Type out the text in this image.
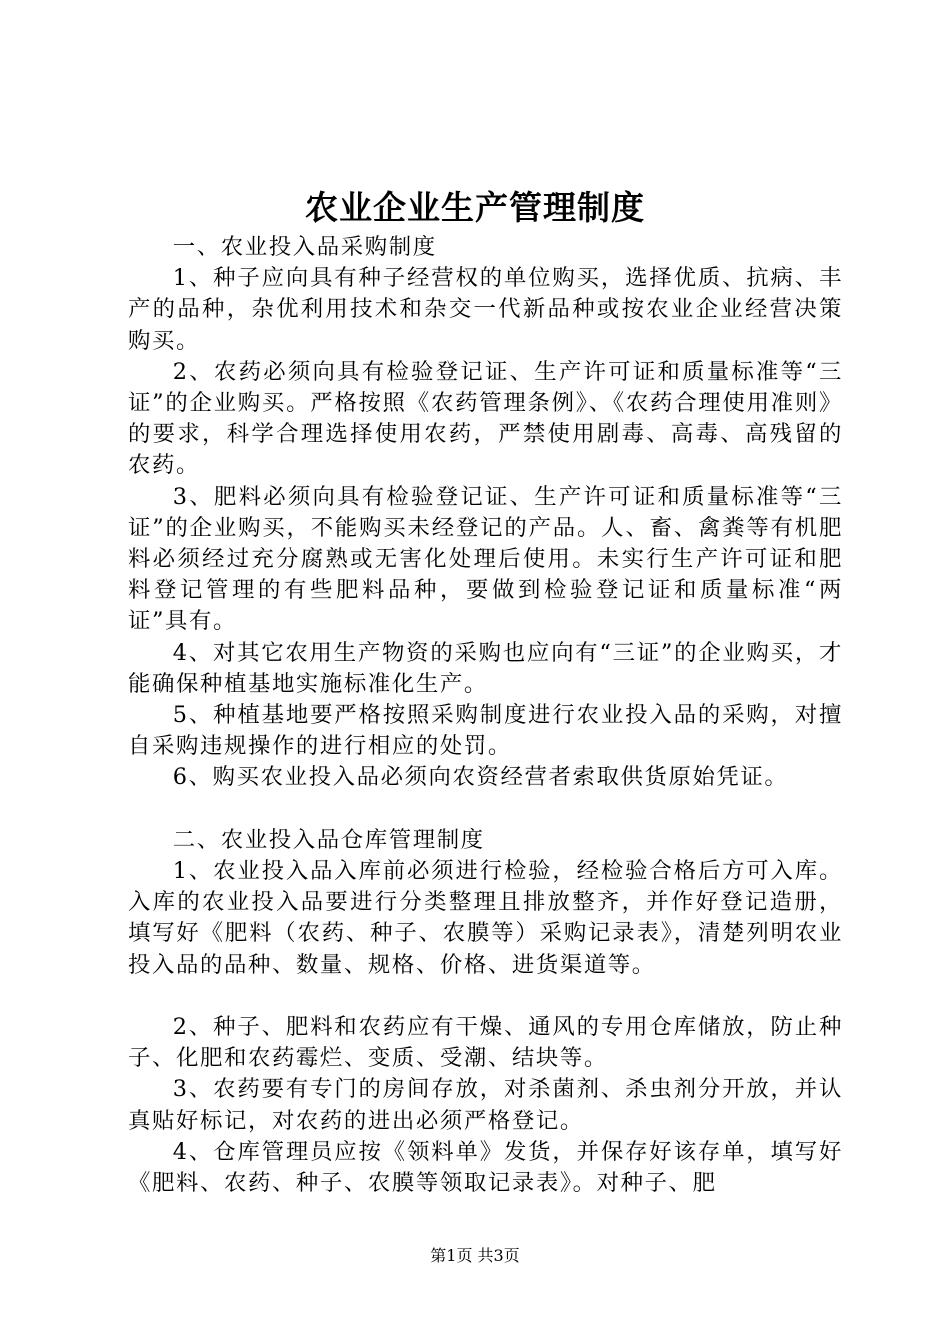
农业企业生产管理制度

一、农业投入品采购制度

1、种子应向具有种子经营权的单位购买，选择优质、抗病、丰产的品种，杂优利用技术和杂交一代新品种或按农业企业经营决策购买。

2、农药必须向具有检验登记证、生产许可证和质量标准等“三证”的企业购买。严格按照《农药管理条例》、《农药合理使用准则》的要求，科学合理选择使用农药，严禁使用剧毒、高毒、高残留的农药。

3、肥料必须向具有检验登记证、生产许可证和质量标准等“三证”的企业购买，不能购买未经登记的产品。人、畜、禽粪等有机肥料必须经过充分腐熟或无害化处理后使用。未实行生产许可证和肥料登记管理的有些肥料品种，要做到检验登记证和质量标准“两证”具有。

4、对其它农用生产物资的采购也应向有“三证”的企业购买，才能确保种植基地实施标准化生产。

5、种植基地要严格按照采购制度进行农业投入品的采购，对擅自采购违规操作的进行相应的处罚。

6、购买农业投入品必须向农资经营者索取供货原始凭证。

二、农业投入品仓库管理制度

1、农业投入品入库前必须进行检验，经检验合格后方可入库。入库的农业投入品要进行分类整理且排放整齐，并作好登记造册，填写好《肥料（农药、种子、农膜等）采购记录表》，清楚列明农业投入品的品种、数量、规格、价格、进货渠道等。

2、种子、肥料和农药应有干燥、通风的专用仓库储放，防止种子、化肥和农药霉烂、变质、受潮、结块等。

3、农药要有专门的房间存放，对杀菌剂、杀虫剂分开放，并认真贴好标记，对农药的进出必须严格登记。

4、仓库管理员应按《领料单》发货，并保存好该存单，填写好《肥料、农药、种子、农膜等领取记录表》。对种子、肥

第1页 共3页
